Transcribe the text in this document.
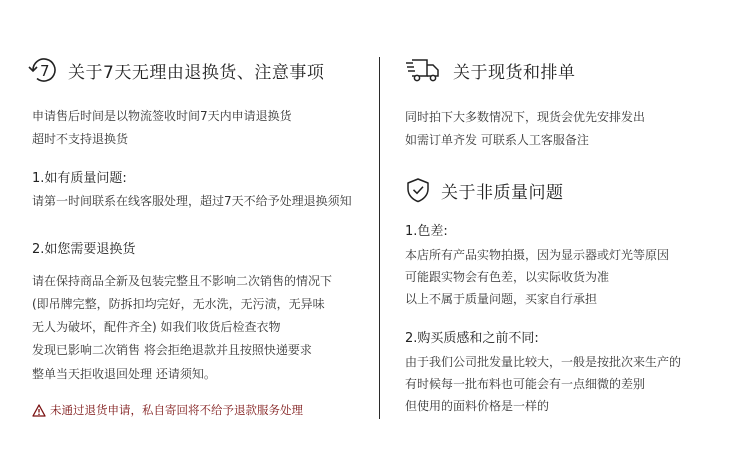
7 关于7天无理由退换货、注意事项
申请售后时间是以物流签收时间7天内申请退换货
超时不支持退换货
1.如有质量问题:
请第一时间联系在线客服处理，超过7天不给予处理退换须知
2.如您需要退换货
请在保持商品全新及包装完整且不影响二次销售的情况下
(即吊牌完整，防拆扣均完好，无水洗，无污渍，无异味
无人为破坏，配件齐全) 如我们收货后检查衣物
发现已影响二次销售 将会拒绝退款并且按照快递要求
整单当天拒收退回处理 还请须知。
未通过退货申请，私自寄回将不给予退款服务处理
关于现货和排单
同时拍下大多数情况下，现货会优先安排发出
如需订单齐发 可联系人工客服备注
关于非质量问题
1.色差:
本店所有产品实物拍摄，因为显示器或灯光等原因
可能跟实物会有色差，以实际收货为准
以上不属于质量问题，买家自行承担
2.购买质感和之前不同:
由于我们公司批发量比较大，一般是按批次来生产的
有时候每一批布料也可能会有一点细微的差别
但使用的面料价格是一样的
